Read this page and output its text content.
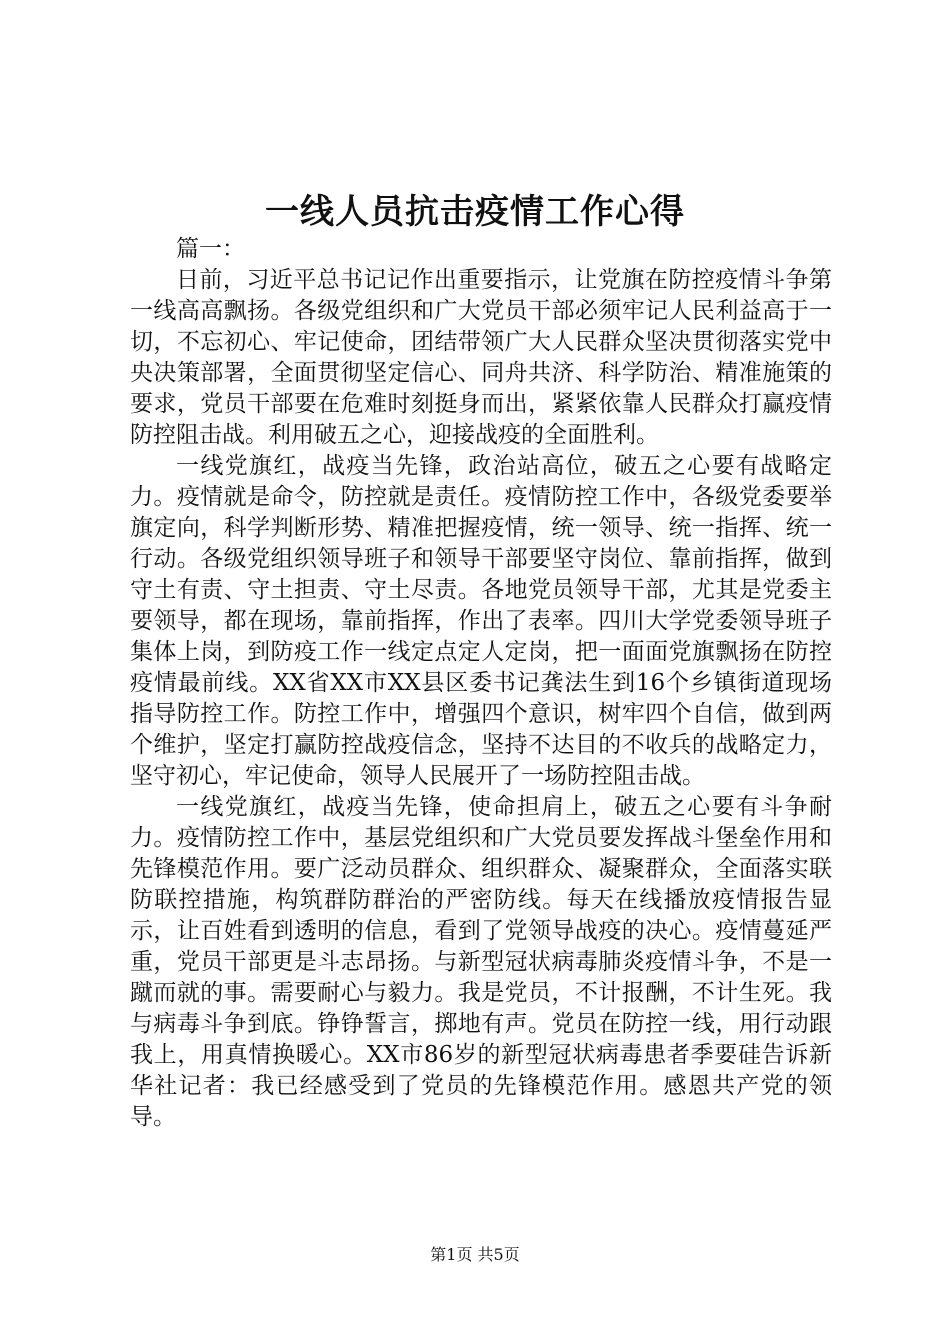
一线人员抗击疫情工作心得

篇一：

日前，习近平总书记记作出重要指示，让党旗在防控疫情斗争第一线高高飘扬。各级党组织和广大党员干部必须牢记人民利益高于一切，不忘初心、牢记使命，团结带领广大人民群众坚决贯彻落实党中央决策部署，全面贯彻坚定信心、同舟共济、科学防治、精准施策的要求，党员干部要在危难时刻挺身而出，紧紧依靠人民群众打赢疫情防控阻击战。利用破五之心，迎接战疫的全面胜利。

一线党旗红，战疫当先锋，政治站高位，破五之心要有战略定力。疫情就是命令，防控就是责任。疫情防控工作中，各级党委要举旗定向，科学判断形势、精准把握疫情，统一领导、统一指挥、统一行动。各级党组织领导班子和领导干部要坚守岗位、靠前指挥，做到守土有责、守土担责、守土尽责。各地党员领导干部，尤其是党委主要领导，都在现场，靠前指挥，作出了表率。四川大学党委领导班子集体上岗，到防疫工作一线定点定人定岗，把一面面党旗飘扬在防控疫情最前线。XX省XX市XX县区委书记龚法生到16个乡镇街道现场指导防控工作。防控工作中，增强四个意识，树牢四个自信，做到两个维护，坚定打赢防控战疫信念，坚持不达目的不收兵的战略定力，坚守初心，牢记使命，领导人民展开了一场防控阻击战。

一线党旗红，战疫当先锋，使命担肩上，破五之心要有斗争耐力。疫情防控工作中，基层党组织和广大党员要发挥战斗堡垒作用和先锋模范作用。要广泛动员群众、组织群众、凝聚群众，全面落实联防联控措施，构筑群防群治的严密防线。每天在线播放疫情报告显示，让百姓看到透明的信息，看到了党领导战疫的决心。疫情蔓延严重，党员干部更是斗志昂扬。与新型冠状病毒肺炎疫情斗争，不是一蹴而就的事。需要耐心与毅力。我是党员，不计报酬，不计生死。我与病毒斗争到底。铮铮誓言，掷地有声。党员在防控一线，用行动跟我上，用真情换暖心。XX市86岁的新型冠状病毒患者季要硅告诉新华社记者：我已经感受到了党员的先锋模范作用。感恩共产党的领导。

第1页 共5页
